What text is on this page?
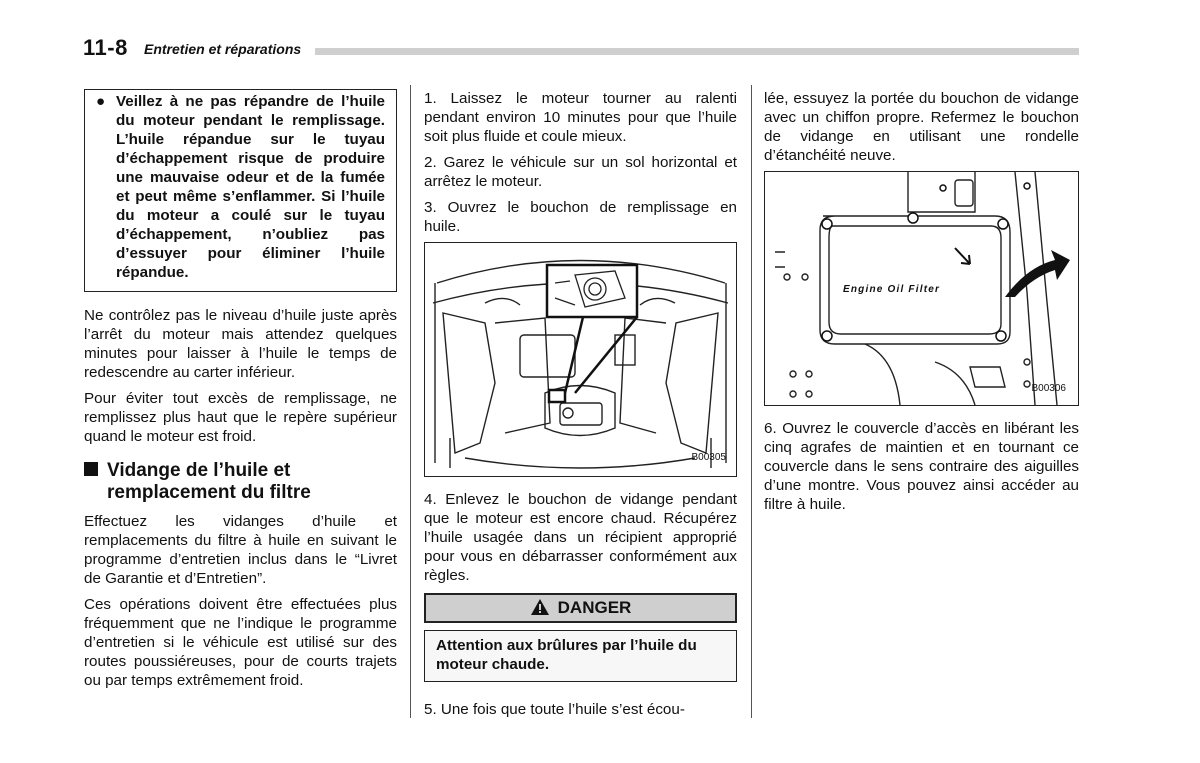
11-8 Entretien et réparations

● Veillez à ne pas répandre de l’huile du moteur pendant le remplissage. L’huile répandue sur le tuyau d’échappement risque de produire une mauvaise odeur et de la fumée et peut même s’enflammer. Si l’huile du moteur a coulé sur le tuyau d’échappement, n’oubliez pas d’essuyer pour éliminer l’huile répandue.

Ne contrôlez pas le niveau d’huile juste après l’arrêt du moteur mais attendez quelques minutes pour laisser à l’huile le temps de redescendre au carter inférieur.

Pour éviter tout excès de remplissage, ne remplissez plus haut que le repère supérieur quand le moteur est froid.

Vidange de l’huile et remplacement du filtre

Effectuez les vidanges d’huile et remplacements du filtre à huile en suivant le programme d’entretien inclus dans le “Livret de Garantie et d’Entretien”.

Ces opérations doivent être effectuées plus fréquemment que ne l’indique le programme d’entretien si le véhicule est utilisé sur des routes poussiéreuses, pour de courts trajets ou par temps extrêmement froid.

1. Laissez le moteur tourner au ralenti pendant environ 10 minutes pour que l’huile soit plus fluide et coule mieux.

2. Garez le véhicule sur un sol horizontal et arrêtez le moteur.

3. Ouvrez le bouchon de remplissage en huile.

B00305

4. Enlevez le bouchon de vidange pendant que le moteur est encore chaud. Récupérez l’huile usagée dans un récipient approprié pour vous en débarrasser conformément aux règles.

DANGER

Attention aux brûlures par l’huile du moteur chaude.

5. Une fois que toute l’huile s’est écou-

lée, essuyez la portée du bouchon de vidange avec un chiffon propre. Refermez le bouchon de vidange en utilisant une rondelle d’étanchéité neuve.

Engine Oil Filter
B00306

6. Ouvrez le couvercle d’accès en libérant les cinq agrafes de maintien et en tournant ce couvercle dans le sens contraire des aiguilles d’une montre. Vous pouvez ainsi accéder au filtre à huile.
